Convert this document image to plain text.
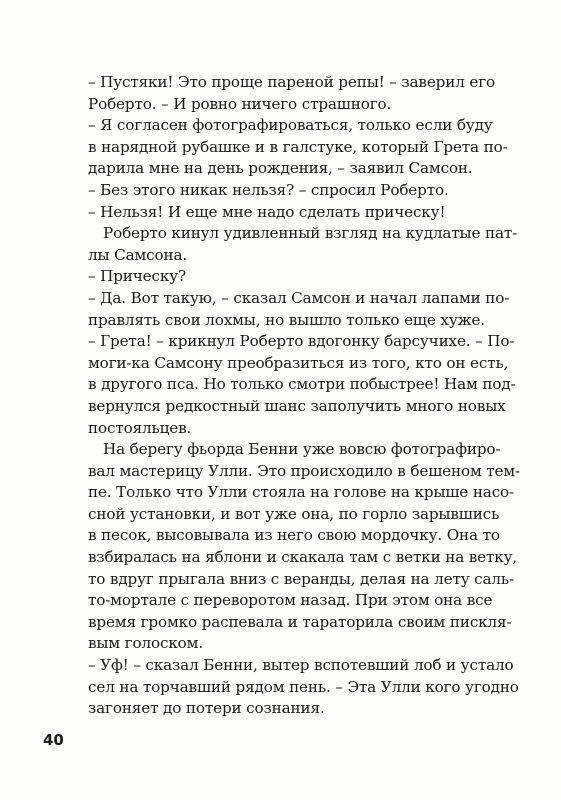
– Пустяки! Это проще пареной репы! – заверил его
Роберто. – И ровно ничего страшного.
– Я согласен фотографироваться, только если буду
в нарядной рубашке и в галстуке, который Грета по-
дарила мне на день рождения, – заявил Самсон.
– Без этого никак нельзя? – спросил Роберто.
– Нельзя! И еще мне надо сделать прическу!
Роберто кинул удивленный взгляд на кудлатые пат-
лы Самсона.
– Прическу?
– Да. Вот такую, – сказал Самсон и начал лапами по-
правлять свои лохмы, но вышло только еще хуже.
– Грета! – крикнул Роберто вдогонку барсучихе. – По-
моги-ка Самсону преобразиться из того, кто он есть,
в другого пса. Но только смотри побыстрее! Нам под-
вернулся редкостный шанс заполучить много новых
постояльцев.
На берегу фьорда Бенни уже вовсю фотографиро-
вал мастерицу Улли. Это происходило в бешеном тем-
пе. Только что Улли стояла на голове на крыше насо-
сной установки, и вот уже она, по горло зарывшись
в песок, высовывала из него свою мордочку. Она то
взбиралась на яблони и скакала там с ветки на ветку,
то вдруг прыгала вниз с веранды, делая на лету саль-
то-мортале с переворотом назад. При этом она все
время громко распевала и тараторила своим пискля-
вым голоском.
– Уф! – сказал Бенни, вытер вспотевший лоб и устало
сел на торчавший рядом пень. – Эта Улли кого угодно
загоняет до потери сознания.
40
